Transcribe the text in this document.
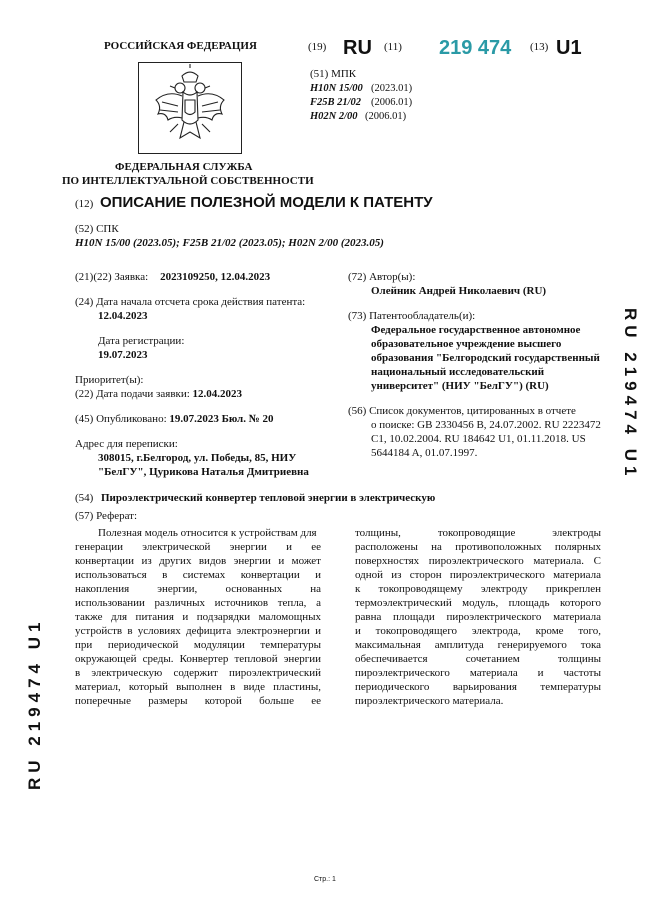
РОССИЙСКАЯ ФЕДЕРАЦИЯ
ФЕДЕРАЛЬНАЯ СЛУЖБА
ПО ИНТЕЛЛЕКТУАЛЬНОЙ СОБСТВЕННОСТИ
(19) RU (11) 219 474 (13) U1
(51) МПК
H10N 15/00 (2023.01)
F25B 21/02 (2006.01)
H02N 2/00 (2006.01)
(12) ОПИСАНИЕ ПОЛЕЗНОЙ МОДЕЛИ К ПАТЕНТУ
(52) СПК
H10N 15/00 (2023.05); F25B 21/02 (2023.05); H02N 2/00 (2023.05)
(21)(22) Заявка: 2023109250, 12.04.2023
(24) Дата начала отсчета срока действия патента:
12.04.2023
Дата регистрации:
19.07.2023
Приоритет(ы):
(22) Дата подачи заявки: 12.04.2023
(45) Опубликовано: 19.07.2023 Бюл. № 20
Адрес для переписки:
308015, г.Белгород, ул. Победы, 85, НИУ
"БелГУ", Цурикова Наталья Дмитриевна
(72) Автор(ы):
Олейник Андрей Николаевич (RU)
(73) Патентообладатель(и):
Федеральное государственное автономное
образовательное учреждение высшего
образования "Белгородский государственный
национальный исследовательский
университет" (НИУ "БелГУ") (RU)
(56) Список документов, цитированных в отчете
о поиске: GB 2330456 B, 24.07.2002. RU 2223472
C1, 10.02.2004. RU 184642 U1, 01.11.2018. US
5644184 A, 01.07.1997.
(54) Пироэлектрический конвертер тепловой энергии в электрическую
(57) Реферат:
Полезная модель относится к устройствам для
генерации электрической энергии и ее
конвертации из других видов энергии и может
использоваться в системах конвертации и
накопления энергии, основанных на
использовании различных источников тепла, а
также для питания и подзарядки маломощных
устройств в условиях дефицита электроэнергии и
при периодической модуляции температуры
окружающей среды. Конвертер тепловой энергии
в электрическую содержит пироэлектрический
материал, который выполнен в виде пластины,
поперечные размеры которой больше ее
толщины, токопроводящие электроды
расположены на противоположных полярных
поверхностях пироэлектрического материала. С
одной из сторон пироэлектрического материала
к токопроводящему электроду прикреплен
термоэлектрический модуль, площадь которого
равна площади пироэлектрического материала
и токопроводящего электрода, кроме того,
максимальная амплитуда генерируемого тока
обеспечивается сочетанием толщины
пироэлектрического материала и частоты
периодического варьирования температуры
пироэлектрического материала.
RU 219474 U1
RU 219474 U1
Стр.: 1
